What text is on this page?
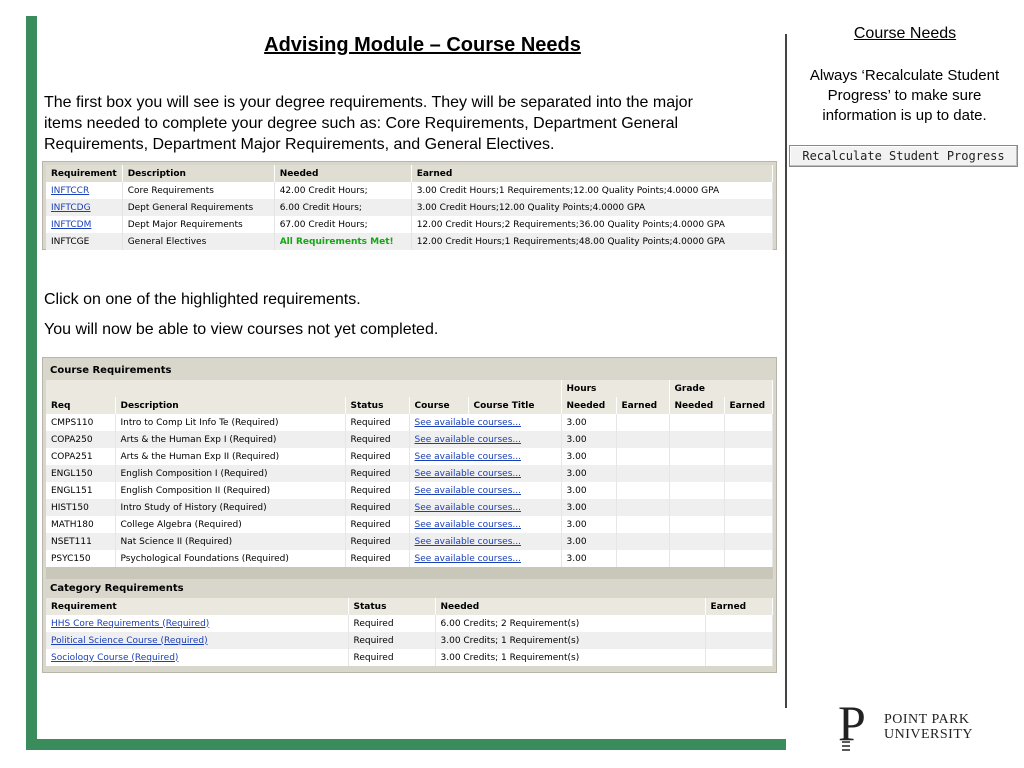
Advising Module – Course Needs
The first box you will see is your degree requirements. They will be separated into the major items needed to complete your degree such as: Core Requirements, Department General Requirements, Department Major Requirements, and General Electives.
Requirement	Description	Needed	Earned
INFTCCR	Core Requirements	42.00 Credit Hours;	3.00 Credit Hours;1 Requirements;12.00 Quality Points;4.0000 GPA
INFTCDG	Dept General Requirements	6.00 Credit Hours;	3.00 Credit Hours;12.00 Quality Points;4.0000 GPA
INFTCDM	Dept Major Requirements	67.00 Credit Hours;	12.00 Credit Hours;2 Requirements;36.00 Quality Points;4.0000 GPA
INFTCGE	General Electives	All Requirements Met!	12.00 Credit Hours;1 Requirements;48.00 Quality Points;4.0000 GPA
Click on one of the highlighted requirements.
You will now be able to view courses not yet completed.
Course Requirements
					Hours		Grade	
Req	Description	Status	Course	Course Title	Needed	Earned	Needed	Earned
CMPS110	Intro to Comp Lit Info Te (Required)	Required	See available courses...		3.00			
COPA250	Arts & the Human Exp I (Required)	Required	See available courses...		3.00			
COPA251	Arts & the Human Exp II (Required)	Required	See available courses...		3.00			
ENGL150	English Composition I (Required)	Required	See available courses...		3.00			
ENGL151	English Composition II (Required)	Required	See available courses...		3.00			
HIST150	Intro Study of History (Required)	Required	See available courses...		3.00			
MATH180	College Algebra (Required)	Required	See available courses...		3.00			
NSET111	Nat Science II (Required)	Required	See available courses...		3.00			
PSYC150	Psychological Foundations (Required)	Required	See available courses...		3.00			
Category Requirements
Requirement	Status	Needed	Earned
HHS Core Requirements (Required)	Required	6.00 Credits; 2 Requirement(s)	
Political Science Course (Required)	Required	3.00 Credits; 1 Requirement(s)	
Sociology Course (Required)	Required	3.00 Credits; 1 Requirement(s)	
Course Needs
Always ‘Recalculate Student Progress’ to make sure information is up to date.
Recalculate Student Progress
P POINT PARK
UNIVERSITY
